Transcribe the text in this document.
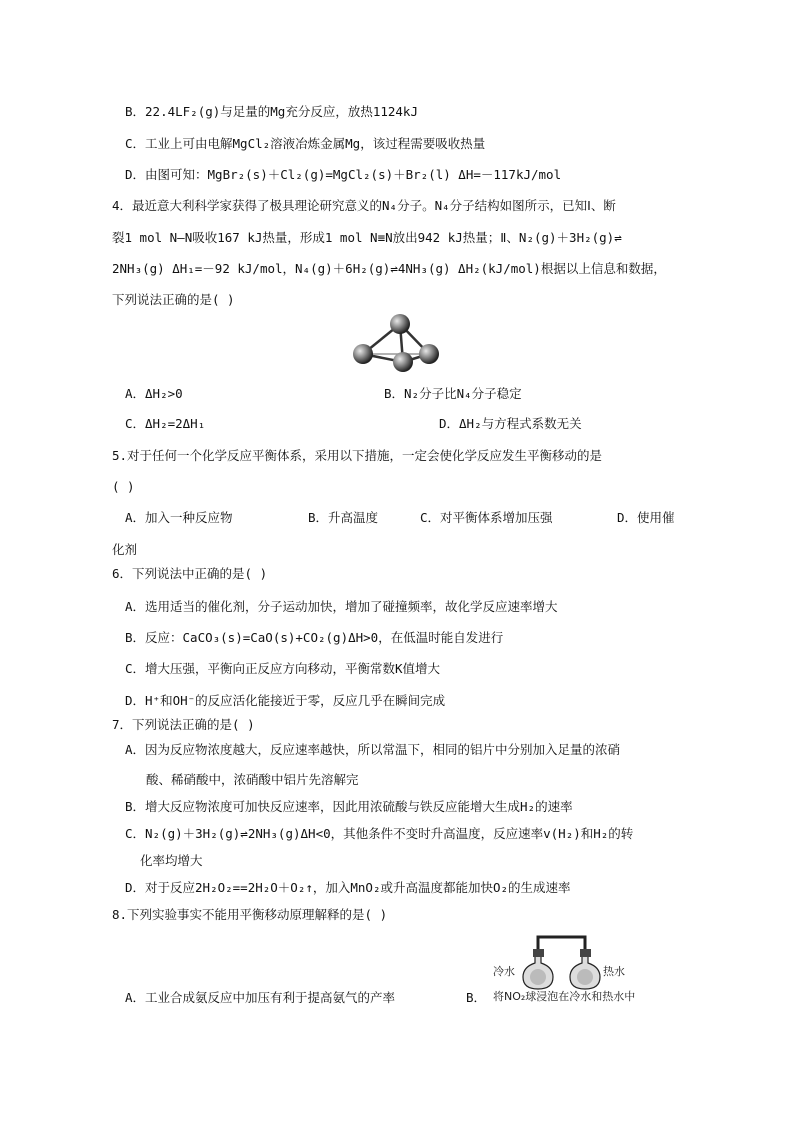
B．22.4LF₂(g)与足量的Mg充分反应，放热1124kJ
C．工业上可由电解MgCl₂溶液冶炼金属Mg，该过程需要吸收热量
D．由图可知：MgBr₂(s)＋Cl₂(g)=MgCl₂(s)＋Br₂(l) ΔH=－117kJ/mol
4．最近意大利科学家获得了极具理论研究意义的N₄分子。N₄分子结构如图所示，已知Ⅰ、断
裂1 mol N—N吸收167 kJ热量，形成1 mol N≡N放出942 kJ热量；Ⅱ、N₂(g)＋3H₂(g)⇌
2NH₃(g) ΔH₁=－92 kJ/mol，N₄(g)＋6H₂(g)⇌4NH₃(g) ΔH₂(kJ/mol)根据以上信息和数据，
下列说法正确的是( )
A．ΔH₂>0	B．N₂分子比N₄分子稳定
C．ΔH₂=2ΔH₁	D．ΔH₂与方程式系数无关
5.对于任何一个化学反应平衡体系，采用以下措施，一定会使化学反应发生平衡移动的是
( )
A．加入一种反应物	B．升高温度	C．对平衡体系增加压强	D．使用催
化剂
6．下列说法中正确的是( )
A．选用适当的催化剂，分子运动加快，增加了碰撞频率，故化学反应速率增大
B．反应：CaCO₃(s)=CaO(s)+CO₂(g)ΔH>0，在低温时能自发进行
C．增大压强，平衡向正反应方向移动，平衡常数K值增大
D．H⁺和OH⁻的反应活化能接近于零，反应几乎在瞬间完成
7．下列说法正确的是( )
A．因为反应物浓度越大，反应速率越快，所以常温下，相同的铝片中分别加入足量的浓硝
酸、稀硝酸中，浓硝酸中铝片先溶解完
B．增大反应物浓度可加快反应速率，因此用浓硫酸与铁反应能增大生成H₂的速率
C．N₂(g)＋3H₂(g)⇌2NH₃(g)ΔH<0，其他条件不变时升高温度，反应速率v(H₂)和H₂的转
化率均增大
D．对于反应2H₂O₂==2H₂O＋O₂↑，加入MnO₂或升高温度都能加快O₂的生成速率
8.下列实验事实不能用平衡移动原理解释的是( )
冷水	热水
将NO₂球浸泡在冷水和热水中
A．工业合成氨反应中加压有利于提高氨气的产率	B．
